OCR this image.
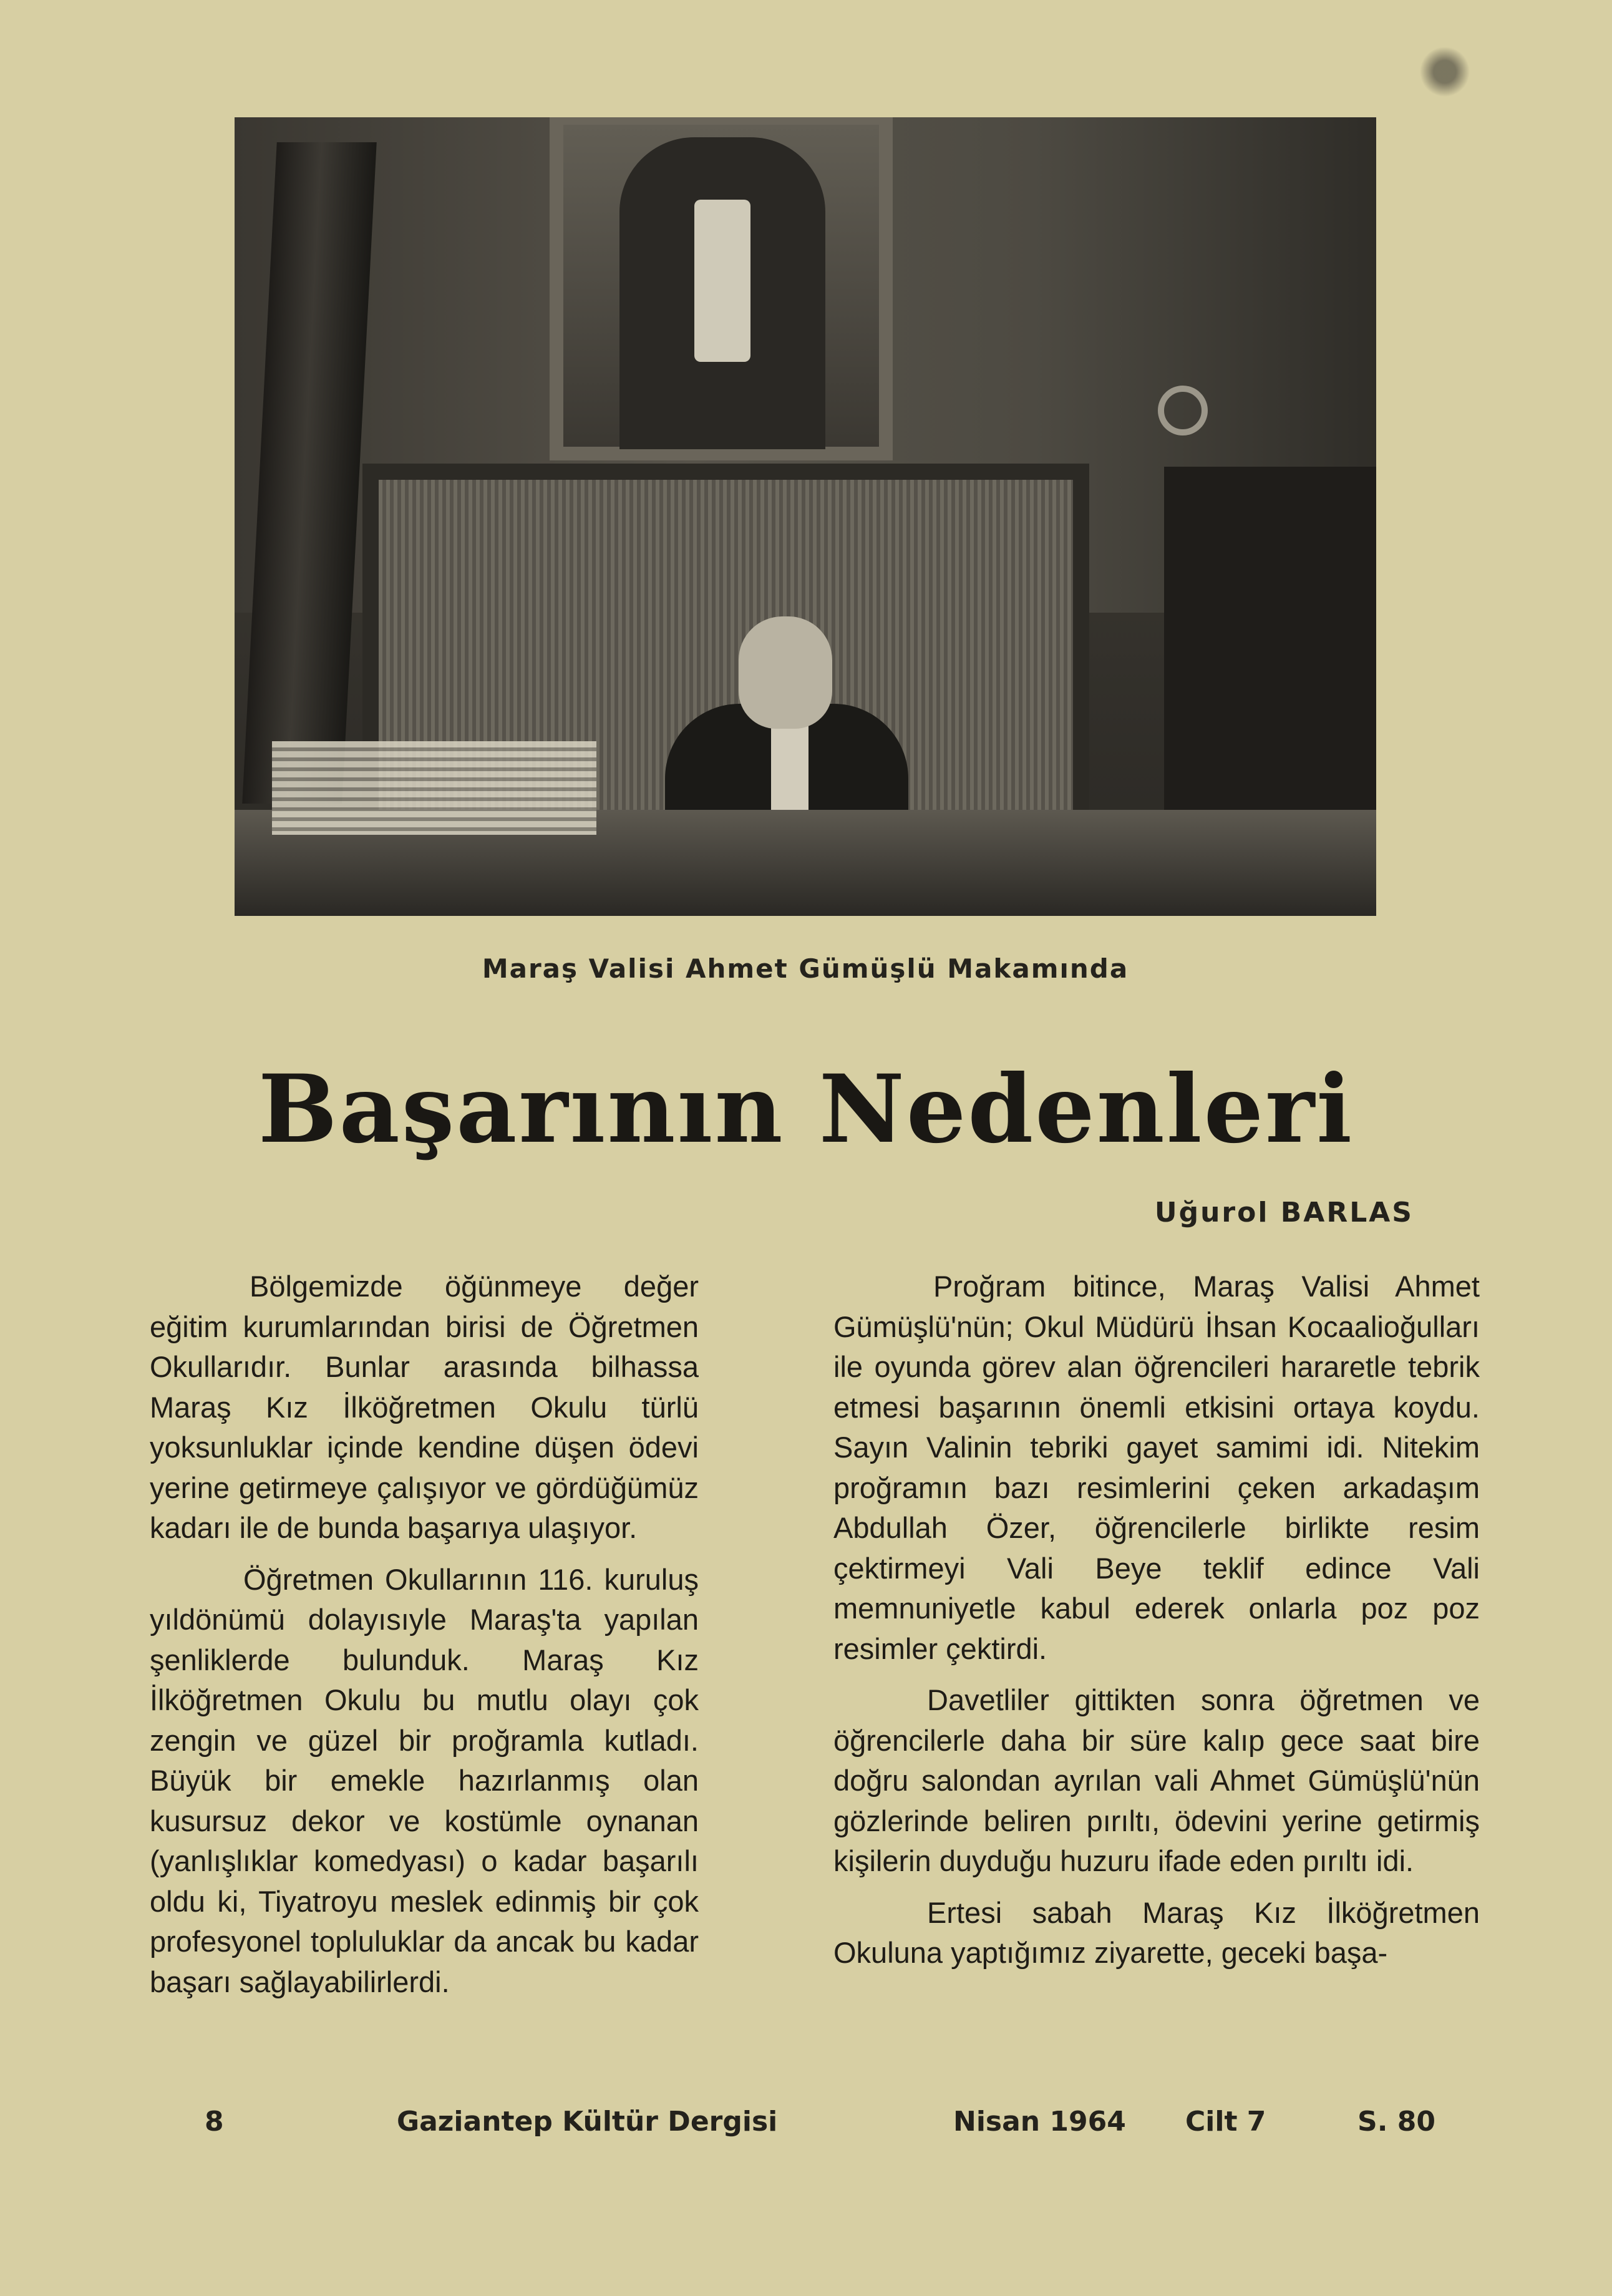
Maraş Valisi Ahmet Gümüşlü Makamında
Başarının Nedenleri
Uğurol BARLAS

Bölgemizde öğünmeye değer eğitim kurumlarından birisi de Öğretmen Okullarıdır. Bunlar arasında bilhassa Maraş Kız İlköğretmen Okulu türlü yoksunluklar içinde kendine düşen ödevi yerine getirmeye çalışıyor ve gördüğümüz kadarı ile de bunda başarıya ulaşıyor.

Öğretmen Okullarının 116. kuruluş yıldönümü dolayısıyle Maraş'ta yapılan şenliklerde bulunduk. Maraş Kız İlköğretmen Okulu bu mutlu olayı çok zengin ve güzel bir proğramla kutladı. Büyük bir emekle hazırlanmış olan kusursuz dekor ve kostümle oynanan (yanlışlıklar komedyası) o kadar başarılı oldu ki, Tiyatroyu meslek edinmiş bir çok profesyonel topluluklar da ancak bu kadar başarı sağlayabilirlerdi.

Proğram bitince, Maraş Valisi Ahmet Gümüşlü'nün; Okul Müdürü İhsan Kocaalioğulları ile oyunda görev alan öğrencileri hararetle tebrik etmesi başarının önemli etkisini ortaya koydu. Sayın Valinin tebriki gayet samimi idi. Nitekim proğramın bazı resimlerini çeken arkadaşım Abdullah Özer, öğrencilerle birlikte resim çektirmeyi Vali Beye teklif edince Vali memnuniyetle kabul ederek onlarla poz poz resimler çektirdi.

Davetliler gittikten sonra öğretmen ve öğrencilerle daha bir süre kalıp gece saat bire doğru salondan ayrılan vali Ahmet Gümüşlü'nün gözlerinde beliren pırıltı, ödevini yerine getirmiş kişilerin duyduğu huzuru ifade eden pırıltı idi.

Ertesi sabah Maraş Kız İlköğretmen Okuluna yaptığımız ziyarette, geceki başa-

8	Gaziantep Kültür Dergisi	Nisan 1964 Cilt 7	S. 80
